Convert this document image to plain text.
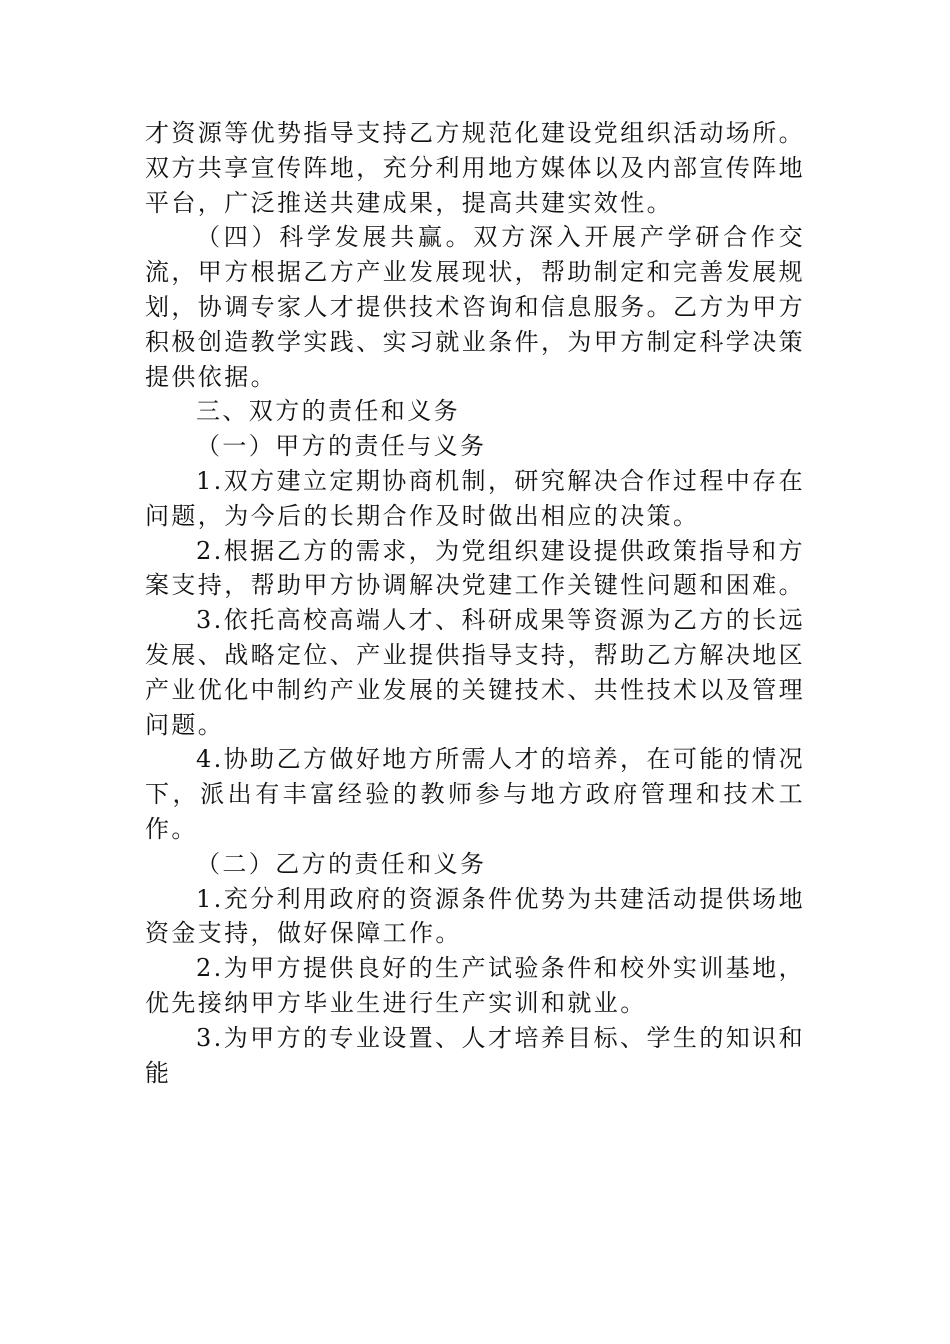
才资源等优势指导支持乙方规范化建设党组织活动场所。双方共享宣传阵地，充分利用地方媒体以及内部宣传阵地平台，广泛推送共建成果，提高共建实效性。

（四）科学发展共赢。双方深入开展产学研合作交流，甲方根据乙方产业发展现状，帮助制定和完善发展规划，协调专家人才提供技术咨询和信息服务。乙方为甲方积极创造教学实践、实习就业条件，为甲方制定科学决策提供依据。

三、双方的责任和义务

（一）甲方的责任与义务

1.双方建立定期协商机制，研究解决合作过程中存在问题，为今后的长期合作及时做出相应的决策。

2.根据乙方的需求，为党组织建设提供政策指导和方案支持，帮助甲方协调解决党建工作关键性问题和困难。

3.依托高校高端人才、科研成果等资源为乙方的长远发展、战略定位、产业提供指导支持，帮助乙方解决地区产业优化中制约产业发展的关键技术、共性技术以及管理问题。

4.协助乙方做好地方所需人才的培养，在可能的情况下，派出有丰富经验的教师参与地方政府管理和技术工作。

（二）乙方的责任和义务

1.充分利用政府的资源条件优势为共建活动提供场地资金支持，做好保障工作。

2.为甲方提供良好的生产试验条件和校外实训基地，优先接纳甲方毕业生进行生产实训和就业。

3.为甲方的专业设置、人才培养目标、学生的知识和能
